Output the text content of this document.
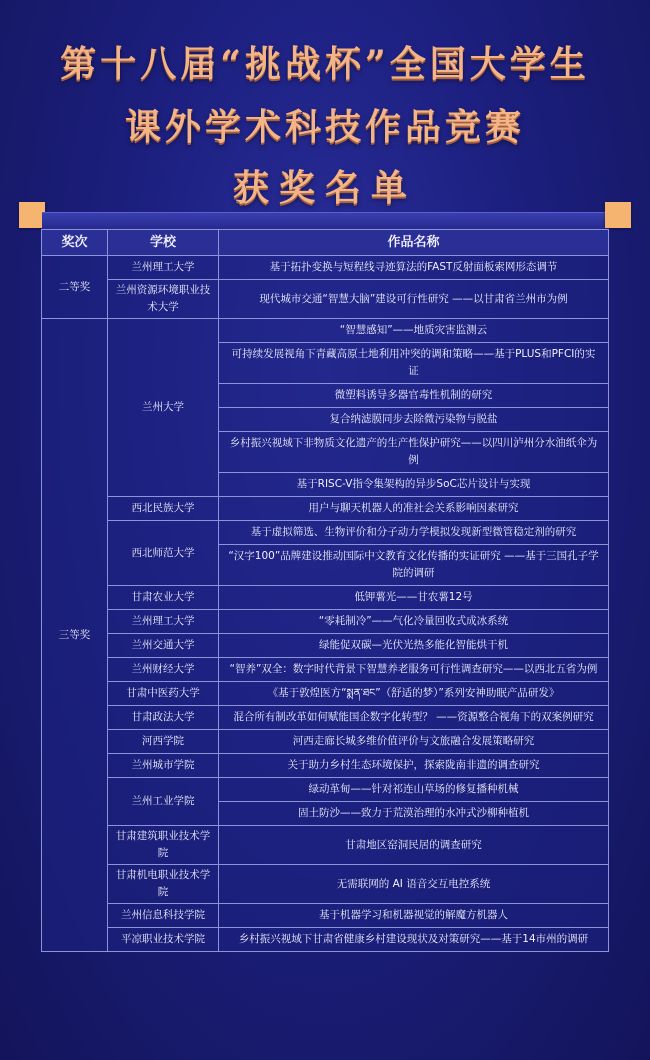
第十八届“挑战杯”全国大学生
课外学术科技作品竞赛
获奖名单
奖次	学校	作品名称
二等奖	兰州理工大学	基于拓扑变换与短程线寻迹算法的FAST反射面板索网形态调节
	兰州资源环境职业技术大学	现代城市交通“智慧大脑”建设可行性研究 ——以甘肃省兰州市为例
三等奖	兰州大学	“智慧感知”——地质灾害监测云
		可持续发展视角下青藏高原土地利用冲突的调和策略——基于PLUS和PFCI的实证
		微塑料诱导多器官毒性机制的研究
		复合纳滤膜同步去除微污染物与脱盐
		乡村振兴视域下非物质文化遗产的生产性保护研究——以四川泸州分水油纸伞为例
		基于RISC-V指令集架构的异步SoC芯片设计与实现
	西北民族大学	用户与聊天机器人的准社会关系影响因素研究
	西北师范大学	基于虚拟筛选、生物评价和分子动力学模拟发现新型微管稳定剂的研究
		“汉字100”品牌建设推动国际中文教育文化传播的实证研究 ——基于三国孔子学院的调研
	甘肃农业大学	低钾薯光——甘农薯12号
	兰州理工大学	“零耗制冷”——气化冷量回收式成冰系统
	兰州交通大学	绿能促双碳—光伏光热多能化智能烘干机
	兰州财经大学	“智养”双全：数字时代背景下智慧养老服务可行性调查研究——以西北五省为例
	甘肃中医药大学	《基于敦煌医方“སྨན་ཐང”（舒适的梦）”系列安神助眠产品研发》
	甘肃政法大学	混合所有制改革如何赋能国企数字化转型？ ——资源整合视角下的双案例研究
	河西学院	河西走廊长城多维价值评价与文旅融合发展策略研究
	兰州城市学院	关于助力乡村生态环境保护，探索陇南非遗的调查研究
	兰州工业学院	绿动革甸——针对祁连山草场的修复播种机械
		固土防沙——致力于荒漠治理的水冲式沙柳种植机
	甘肃建筑职业技术学院	甘肃地区窑洞民居的调查研究
	甘肃机电职业技术学院	无需联网的 AI 语音交互电控系统
	兰州信息科技学院	基于机器学习和机器视觉的解魔方机器人
	平凉职业技术学院	乡村振兴视域下甘肃省健康乡村建设现状及对策研究——基于14市州的调研
